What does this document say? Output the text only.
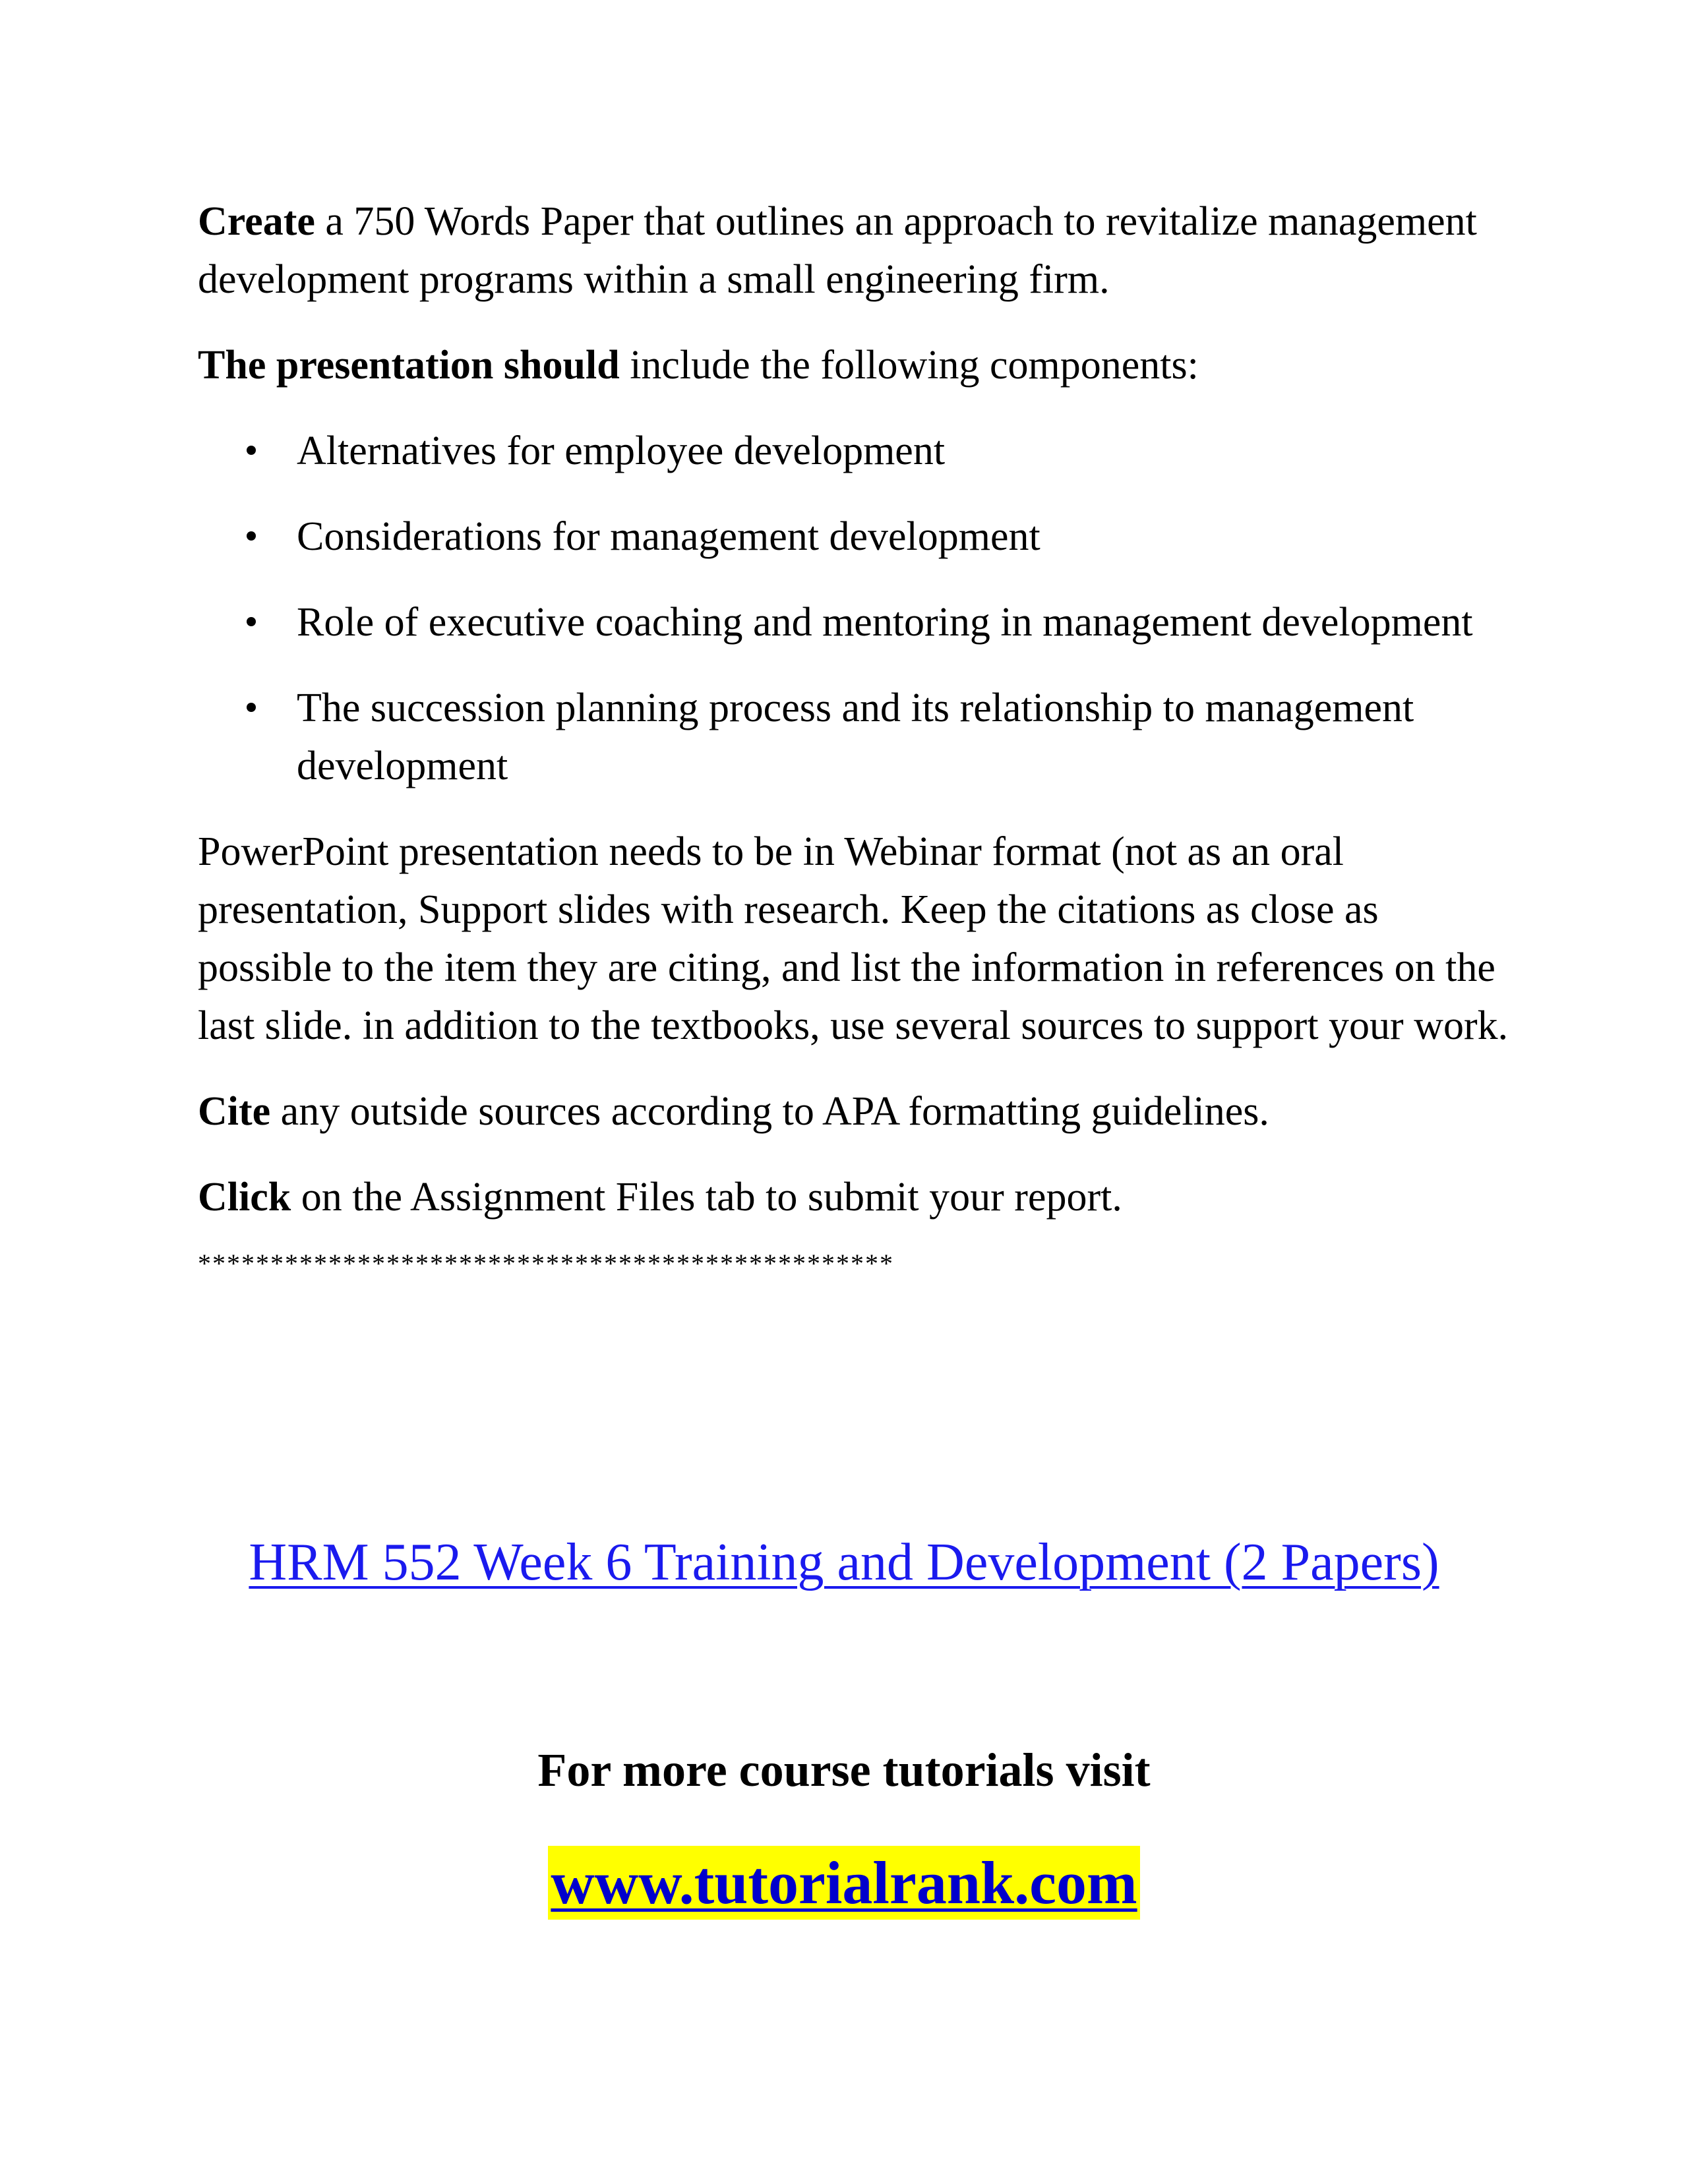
Create a 750 Words Paper that outlines an approach to revitalize management development programs within a small engineering firm.

The presentation should include the following components:

Alternatives for employee development
Considerations for management development
Role of executive coaching and mentoring in management development
The succession planning process and its relationship to management development

PowerPoint presentation needs to be in Webinar format (not as an oral presentation, Support slides with research. Keep the citations as close as possible to the item they are citing, and list the information in references on the last slide. in addition to the textbooks, use several sources to support your work.

Cite any outside sources according to APA formatting guidelines.

Click on the Assignment Files tab to submit your report.

************************************************
HRM 552 Week 6 Training and Development (2 Papers)
For more course tutorials visit
www.tutorialrank.com
